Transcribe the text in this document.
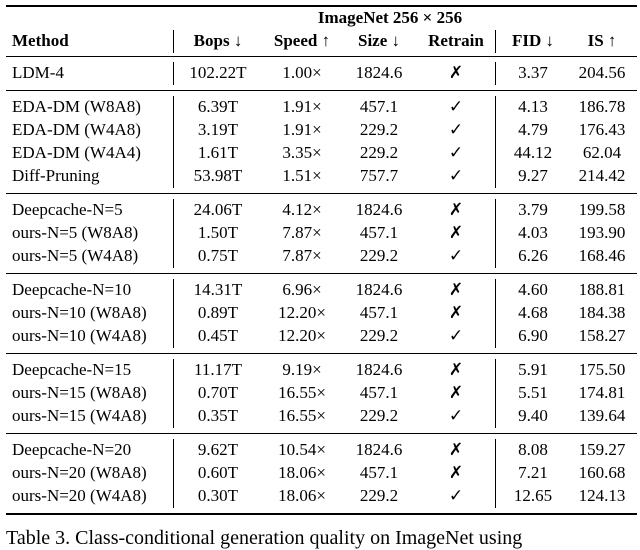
ImageNet 256 × 256
Method	Bops ↓	Speed ↑	Size ↓	Retrain	FID ↓	IS ↑
LDM-4	102.22T	1.00×	1824.6	✗	3.37	204.56
EDA-DM (W8A8)	6.39T	1.91×	457.1	✓	4.13	186.78
EDA-DM (W4A8)	3.19T	1.91×	229.2	✓	4.79	176.43
EDA-DM (W4A4)	1.61T	3.35×	229.2	✓	44.12	62.04
Diff-Pruning	53.98T	1.51×	757.7	✓	9.27	214.42
Deepcache-N=5	24.06T	4.12×	1824.6	✗	3.79	199.58
ours-N=5 (W8A8)	1.50T	7.87×	457.1	✗	4.03	193.90
ours-N=5 (W4A8)	0.75T	7.87×	229.2	✓	6.26	168.46
Deepcache-N=10	14.31T	6.96×	1824.6	✗	4.60	188.81
ours-N=10 (W8A8)	0.89T	12.20×	457.1	✗	4.68	184.38
ours-N=10 (W4A8)	0.45T	12.20×	229.2	✓	6.90	158.27
Deepcache-N=15	11.17T	9.19×	1824.6	✗	5.91	175.50
ours-N=15 (W8A8)	0.70T	16.55×	457.1	✗	5.51	174.81
ours-N=15 (W4A8)	0.35T	16.55×	229.2	✓	9.40	139.64
Deepcache-N=20	9.62T	10.54×	1824.6	✗	8.08	159.27
ours-N=20 (W8A8)	0.60T	18.06×	457.1	✗	7.21	160.68
ours-N=20 (W4A8)	0.30T	18.06×	229.2	✓	12.65	124.13
Table 3. Class-conditional generation quality on ImageNet using
